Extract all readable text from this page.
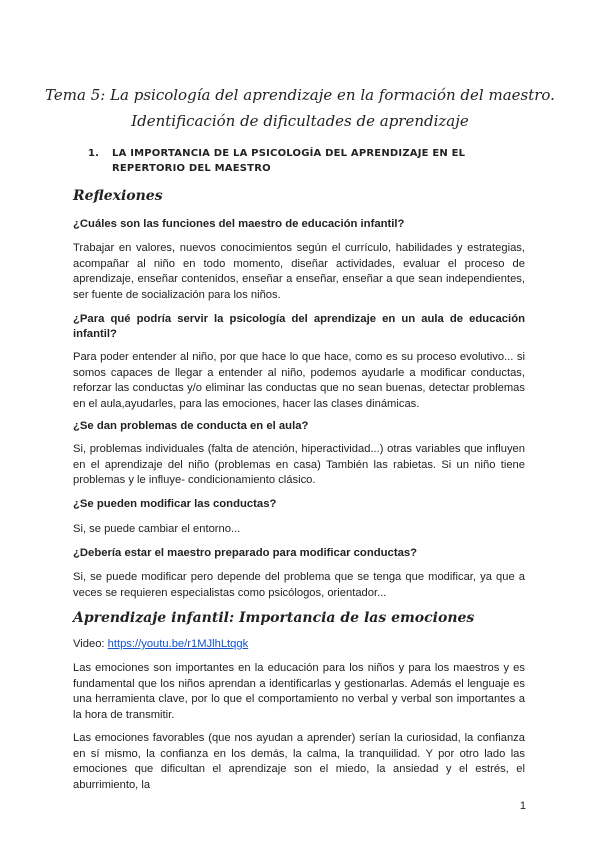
Tema 5: La psicología del aprendizaje en la formación del maestro.
Identificación de dificultades de aprendizaje
1.	LA IMPORTANCIA DE LA PSICOLOGÍA DEL APRENDIZAJE EN EL REPERTORIO DEL MAESTRO
Reflexiones
¿Cuáles son las funciones del maestro de educación infantil?
Trabajar en valores, nuevos conocimientos según el currículo, habilidades y estrategias, acompañar al niño en todo momento, diseñar actividades, evaluar el proceso de aprendizaje, enseñar contenidos, enseñar a enseñar, enseñar a que sean independientes, ser fuente de socialización para los niños.
¿Para qué podría servir la psicología del aprendizaje en un aula de educación infantil?
Para poder entender al niño, por que hace lo que hace, como es su proceso evolutivo... si somos capaces de llegar a entender al niño, podemos ayudarle a modificar conductas, reforzar las conductas y/o eliminar las conductas que no sean buenas, detectar problemas en el aula,ayudarles, para las emociones, hacer las clases dinámicas.
¿Se dan problemas de conducta en el aula?
Si, problemas individuales (falta de atención, hiperactividad...) otras variables que influyen en el aprendizaje del niño (problemas en casa) También las rabietas. Si un niño tiene problemas y le influye- condicionamiento clásico.
¿Se pueden modificar las conductas?
Si, se puede cambiar el entorno...
¿Debería estar el maestro preparado para modificar conductas?
Si, se puede modificar pero depende del problema que se tenga que modificar, ya que a veces se requieren especialistas como psicólogos, orientador...
Aprendizaje infantil: Importancia de las emociones
Video: https://youtu.be/r1MJlhLtqgk
Las emociones son importantes en la educación para los niños y para los maestros y es fundamental que los niños aprendan a identificarlas y gestionarlas. Además el lenguaje es una herramienta clave, por lo que el comportamiento no verbal y verbal son importantes a la hora de transmitir.
Las emociones favorables (que nos ayudan a aprender) serían la curiosidad, la confianza en sí mismo, la confianza en los demás, la calma, la tranquilidad. Y por otro lado las emociones que dificultan el aprendizaje son el miedo, la ansiedad y el estrés, el aburrimiento, la
1
